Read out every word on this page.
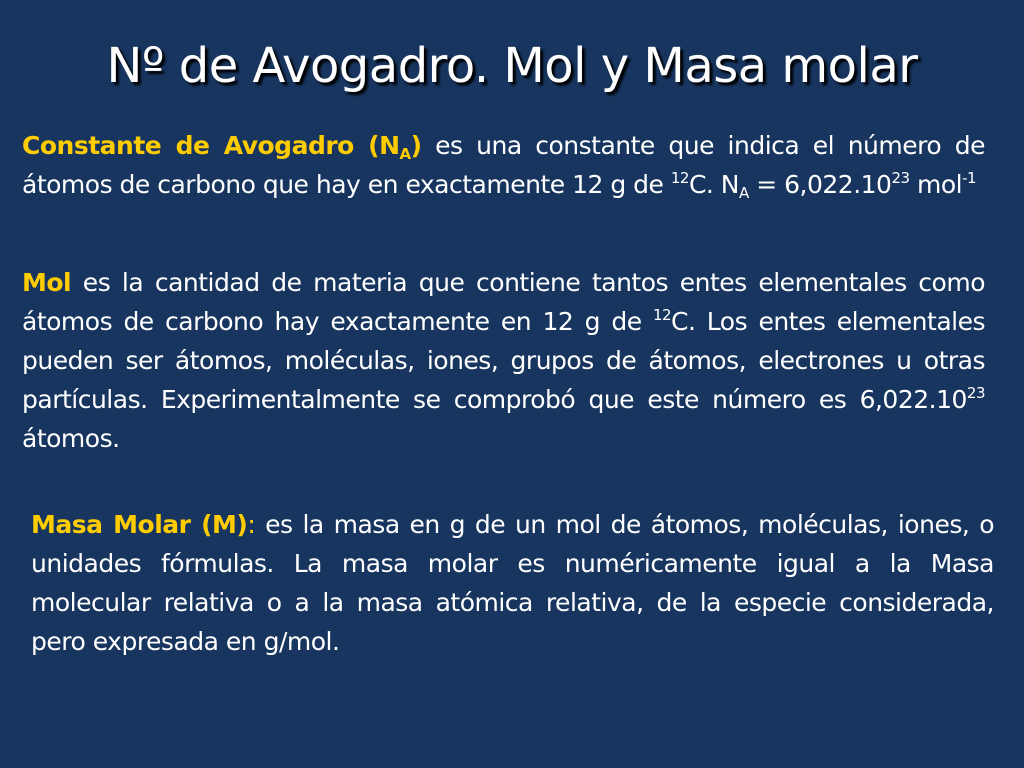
Nº de Avogadro. Mol y Masa molar

Constante de Avogadro $(N_A)$ es una constante que indica el número de átomos de carbono que hay en exactamente 12 g de $^{12}$C. $N_A = 6,022.10^{23}$ mol$^{-1}$

Mol es la cantidad de materia que contiene tantos entes elementales como átomos de carbono hay exactamente en 12 g de $^{12}$C. Los entes elementales pueden ser átomos, moléculas, iones, grupos de átomos, electrones u otras partículas. Experimentalmente se comprobó que este número es 6,022.10$^{23}$ átomos.

Masa Molar (M): es la masa en g de un mol de átomos, moléculas, iones, o unidades fórmulas. La masa molar es numéricamente igual a la Masa molecular relativa o a la masa atómica relativa, de la especie considerada, pero expresada en g/mol.
